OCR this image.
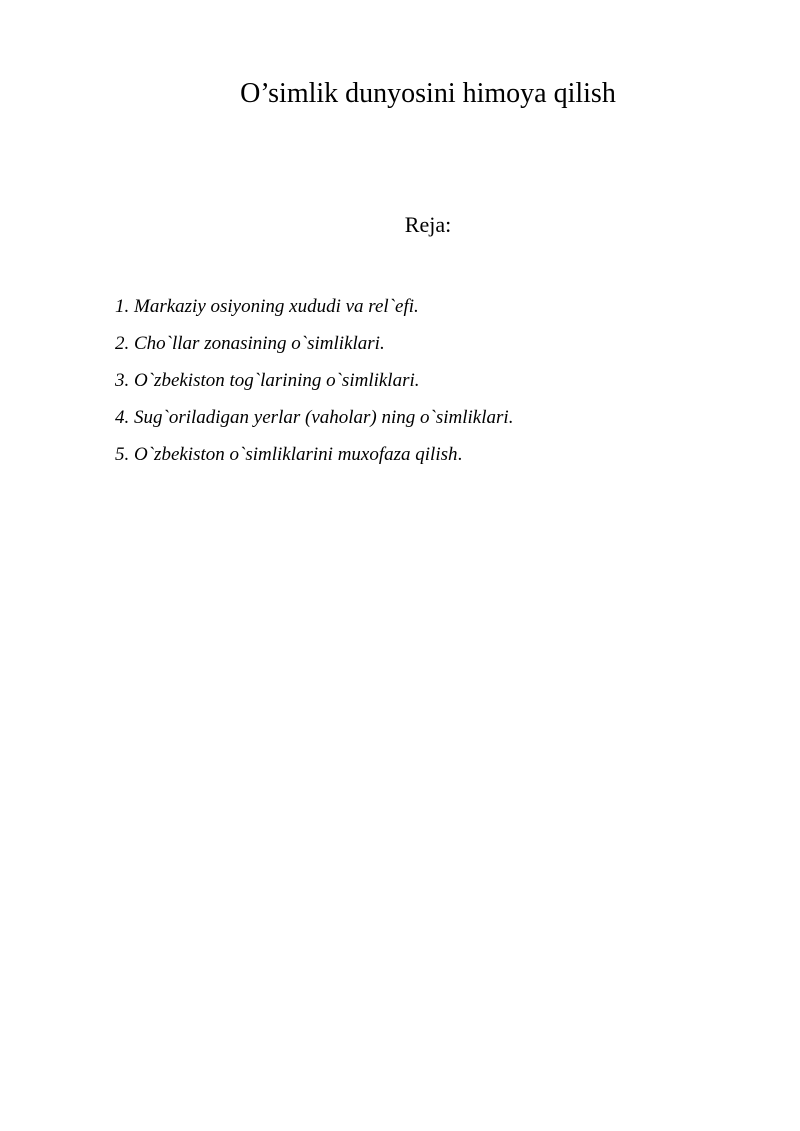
O’simlik dunyosini himoya qilish
Reja:
1. Markaziy osiyoning xududi va rel`efi.
2. Cho`llar zonasining o`simliklari.
3. O`zbekiston tog`larining o`simliklari.
4. Sug`oriladigan yerlar (vaholar) ning o`simliklari.
5. O`zbekiston o`simliklarini muxofaza qilish.
